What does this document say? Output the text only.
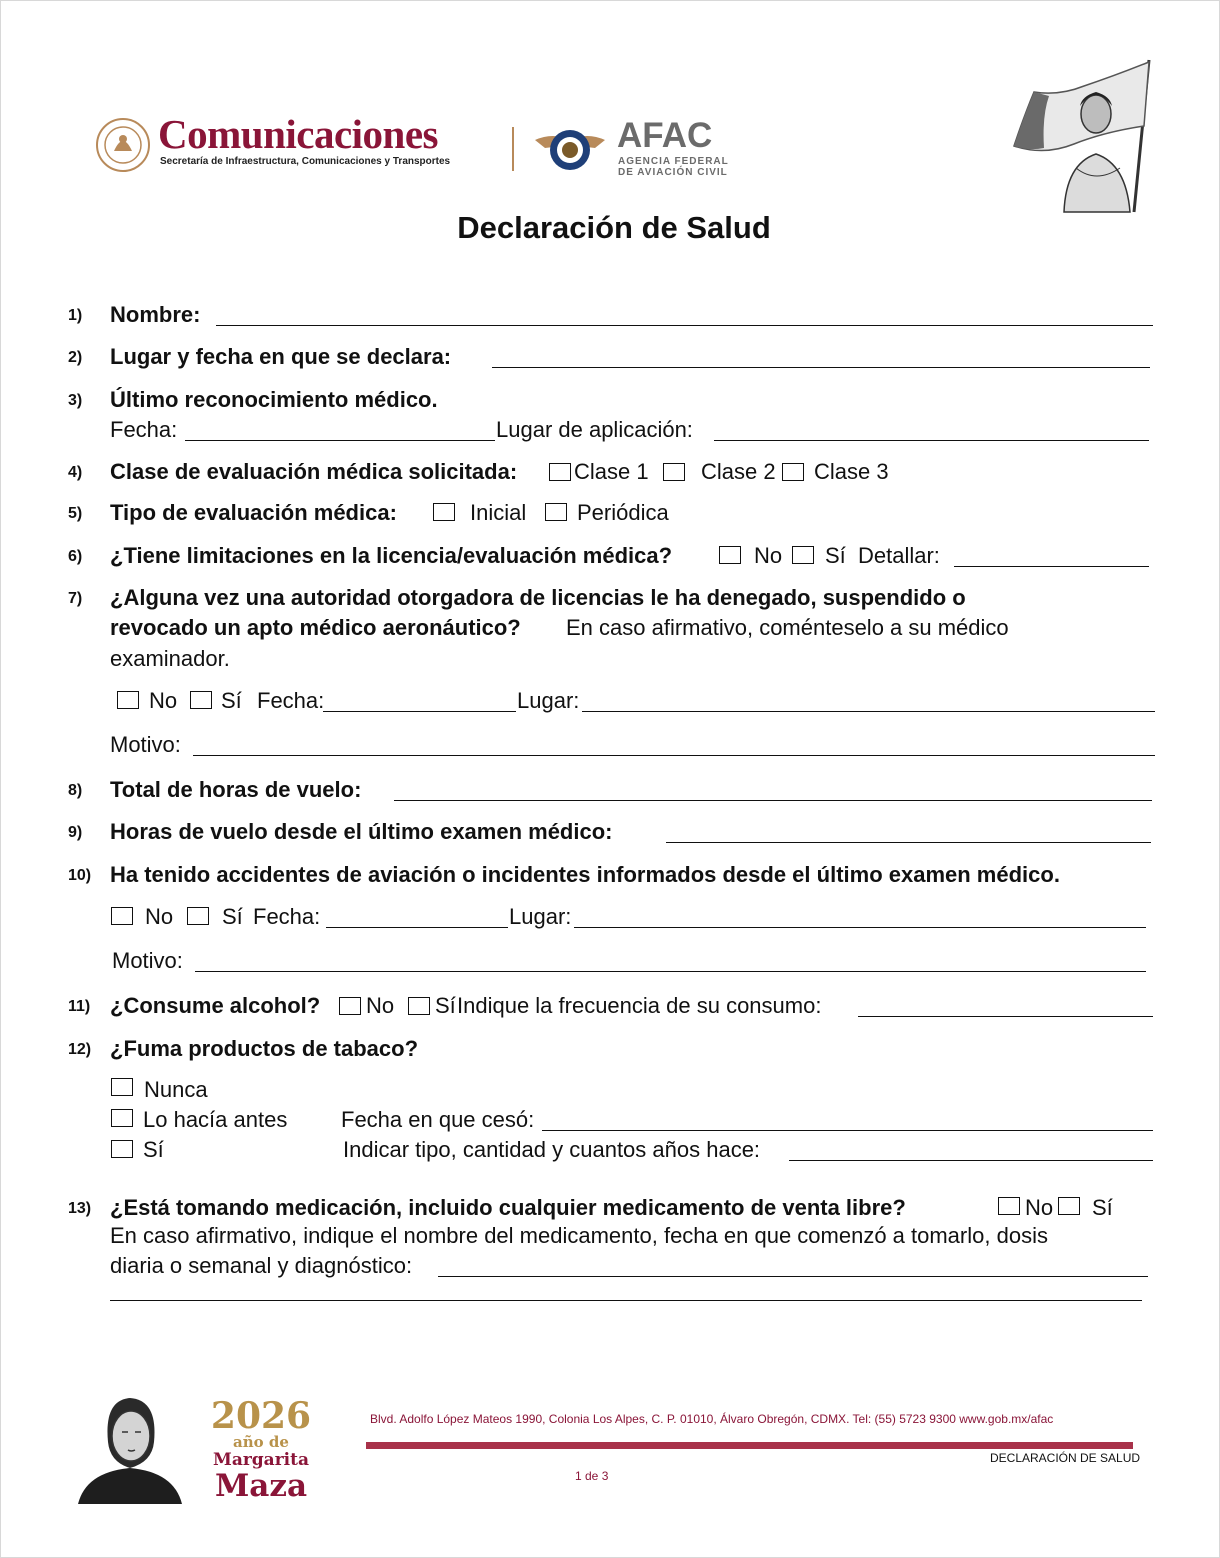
Comunicaciones
Secretaría de Infraestructura, Comunicaciones y Transportes
AFAC
AGENCIA FEDERAL
DE AVIACIÓN CIVIL
Declaración de Salud
1) Nombre:
2) Lugar y fecha en que se declara:
3) Último reconocimiento médico.
Fecha:	Lugar de aplicación:
4) Clase de evaluación médica solicitada:	Clase 1 Clase 2 Clase 3
5) Tipo de evaluación médica:	Inicial Periódica
6) ¿Tiene limitaciones en la licencia/evaluación médica?	No Sí Detallar:
7) ¿Alguna vez una autoridad otorgadora de licencias le ha denegado, suspendido o
revocado un apto médico aeronáutico? En caso afirmativo, coménteselo a su médico
examinador.
No Sí Fecha:	Lugar:
Motivo:
8) Total de horas de vuelo:
9) Horas de vuelo desde el último examen médico:
10) Ha tenido accidentes de aviación o incidentes informados desde el último examen médico.
No Sí Fecha:	Lugar:
Motivo:
11) ¿Consume alcohol? No Sí Indique la frecuencia de su consumo:
12) ¿Fuma productos de tabaco?
Nunca
Lo hacía antes Fecha en que cesó:
Sí	Indicar tipo, cantidad y cuantos años hace:
13) ¿Está tomando medicación, incluido cualquier medicamento de venta libre?	No Sí
En caso afirmativo, indique el nombre del medicamento, fecha en que comenzó a tomarlo, dosis
diaria o semanal y diagnóstico:
2026
año de
Margarita
Maza
Blvd. Adolfo López Mateos 1990, Colonia Los Alpes, C. P. 01010, Álvaro Obregón, CDMX. Tel: (55) 5723 9300 www.gob.mx/afac
DECLARACIÓN DE SALUD
1 de 3
